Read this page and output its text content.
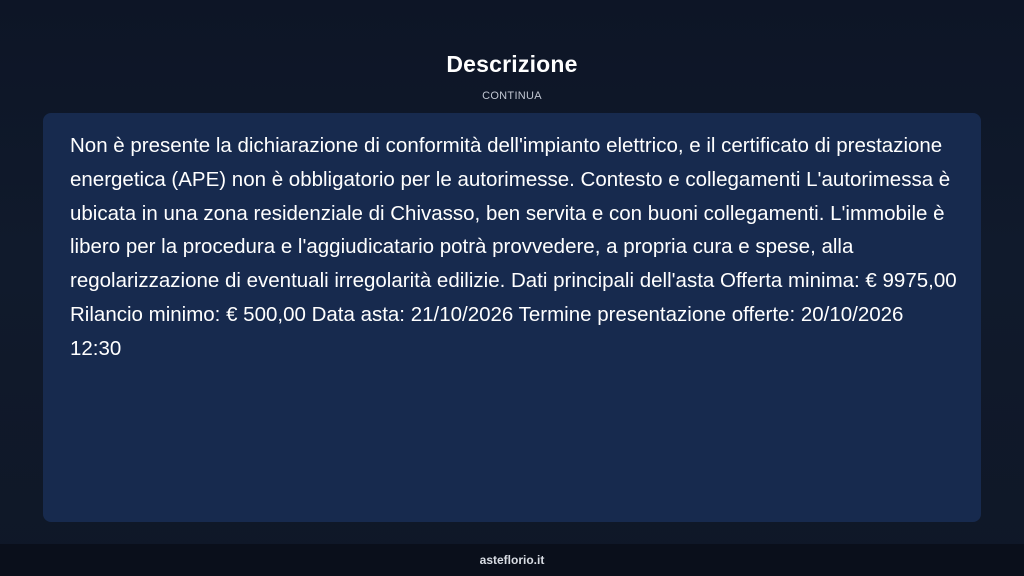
Descrizione
CONTINUA

Non è presente la dichiarazione di conformità dell'impianto elettrico, e il certificato di prestazione energetica (APE) non è obbligatorio per le autorimesse. Contesto e collegamenti L'autorimessa è ubicata in una zona residenziale di Chivasso, ben servita e con buoni collegamenti. L'immobile è libero per la procedura e l'aggiudicatario potrà provvedere, a propria cura e spese, alla regolarizzazione di eventuali irregolarità edilizie. Dati principali dell'asta Offerta minima: € 9975,00 Rilancio minimo: € 500,00 Data asta: 21/10/2026 Termine presentazione offerte: 20/10/2026 12:30

asteflorio.it
